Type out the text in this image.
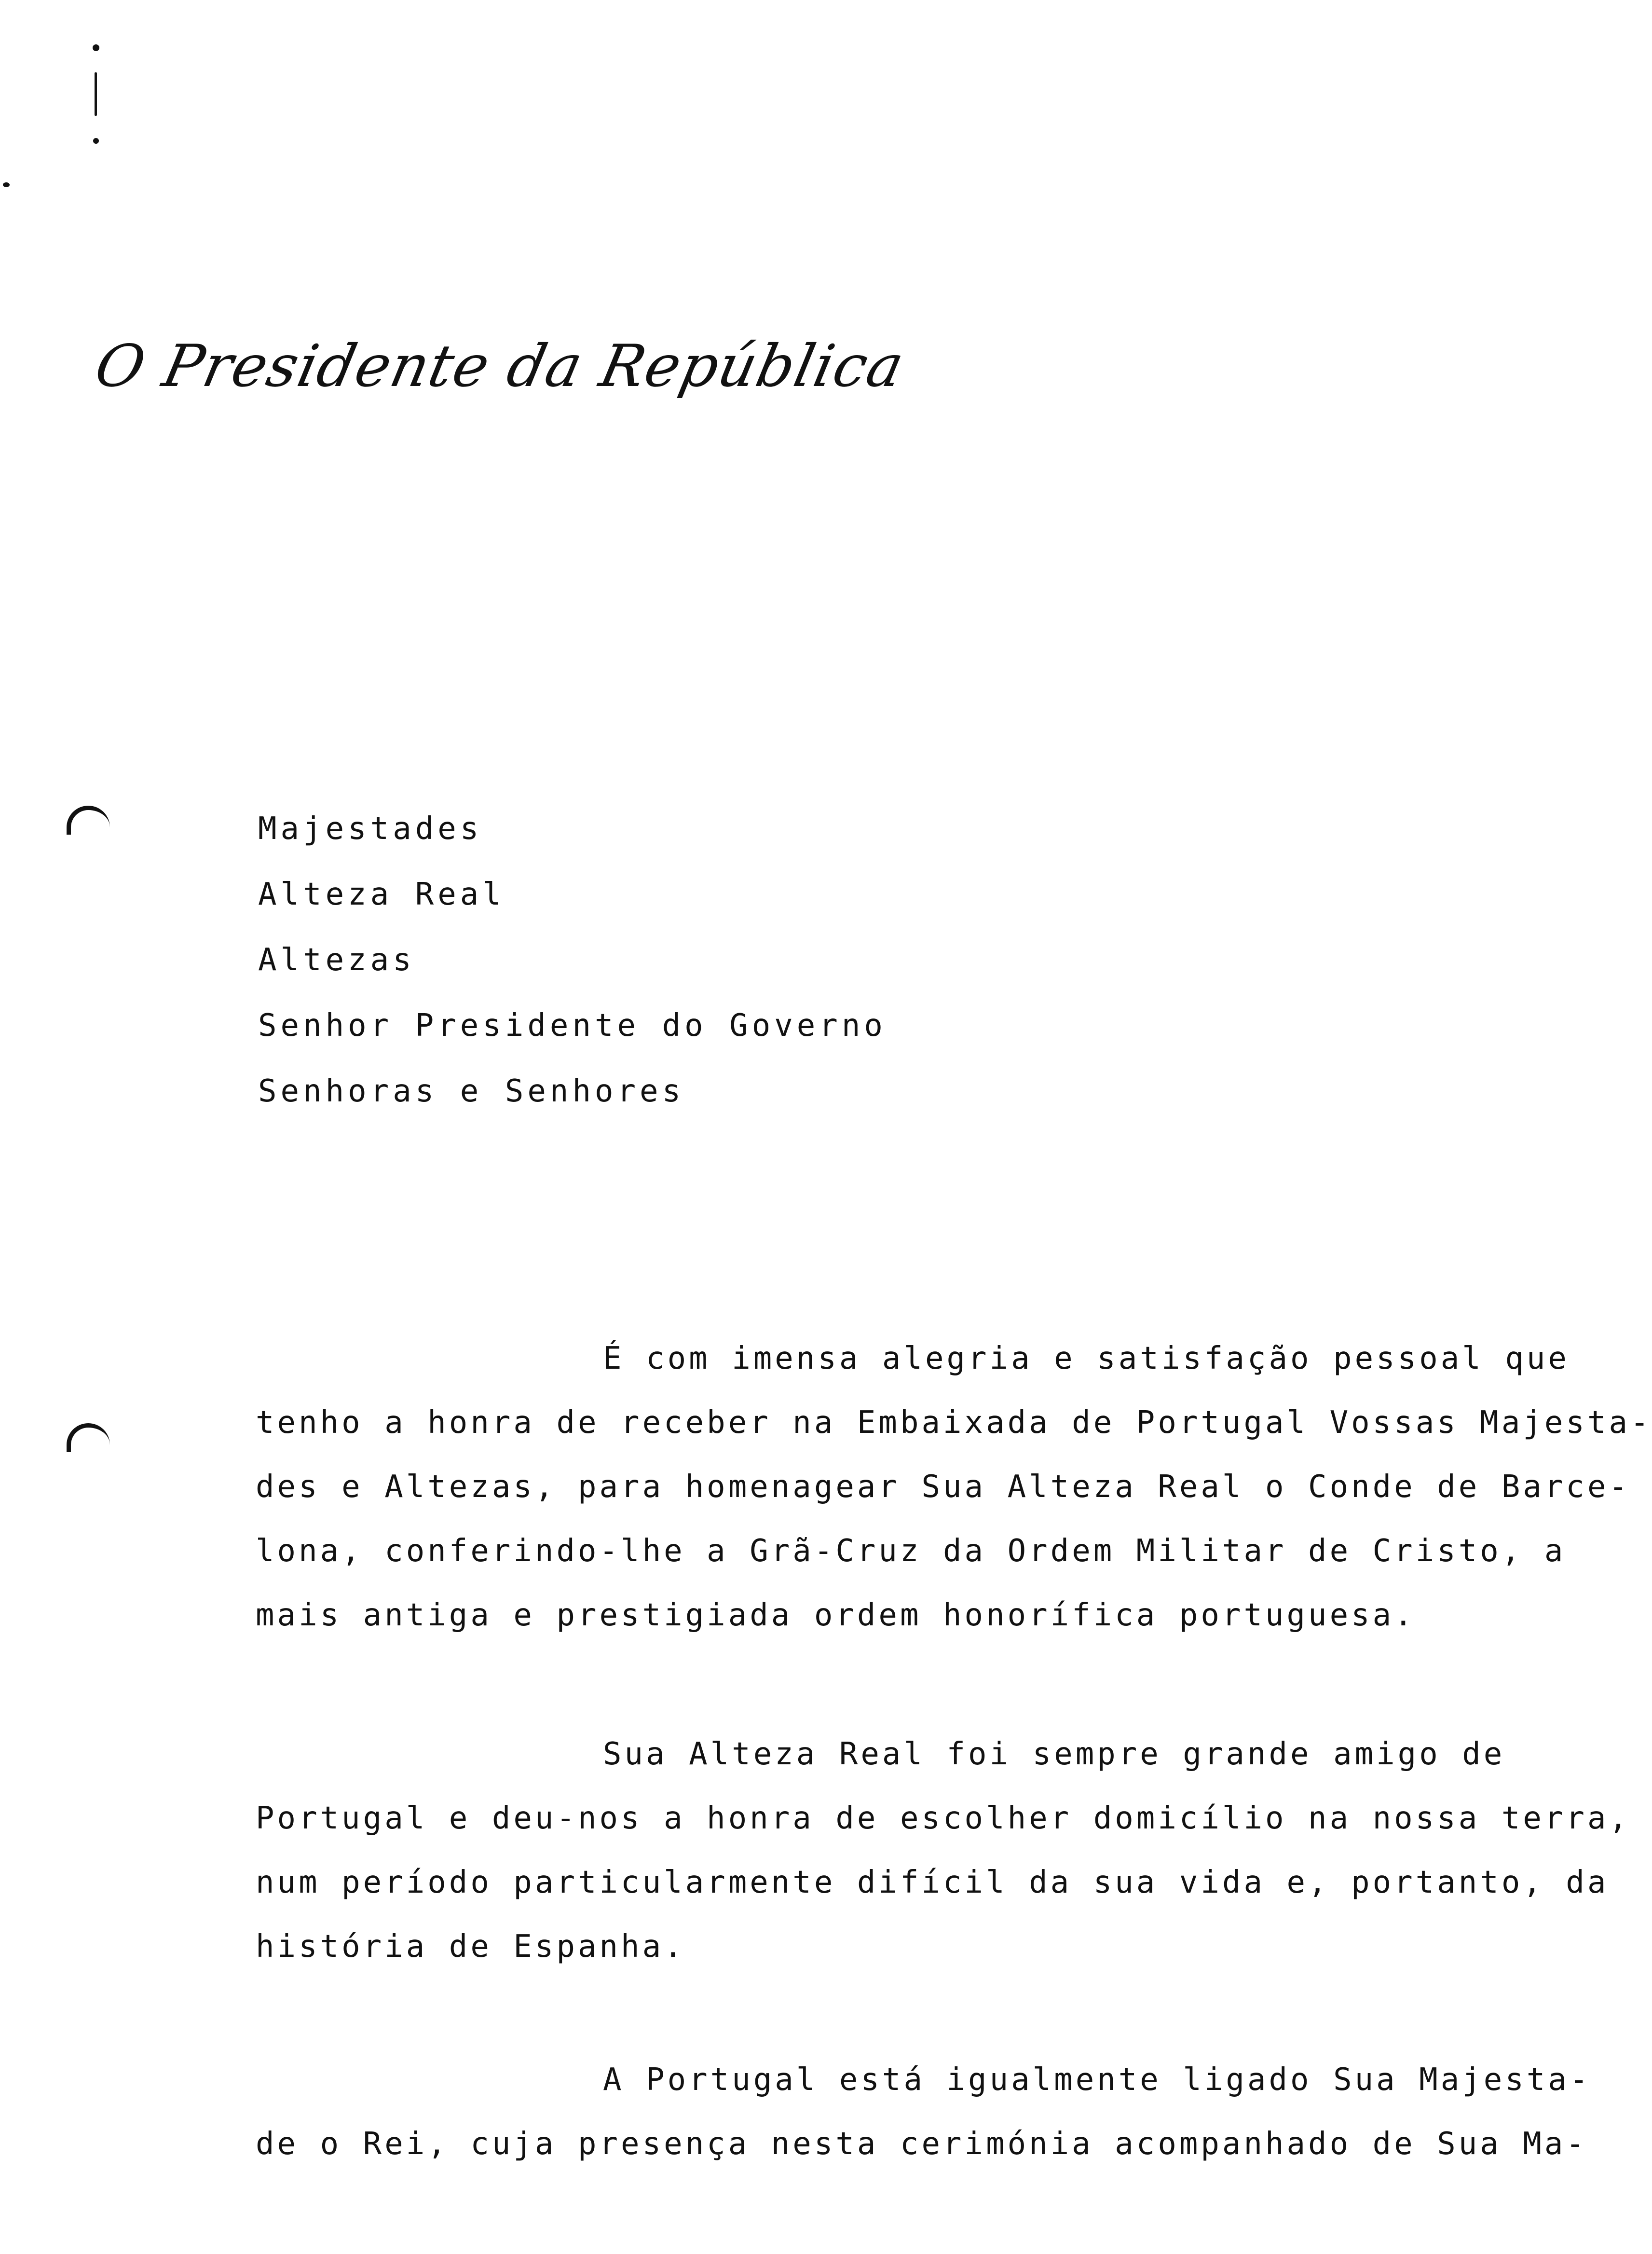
O Presidente da República
Majestades
Alteza Real
Altezas
Senhor Presidente do Governo
Senhoras e Senhores
É com imensa alegria e satisfação pessoal que
tenho a honra de receber na Embaixada de Portugal Vossas Majesta-
des e Altezas, para homenagear Sua Alteza Real o Conde de Barce-
lona, conferindo-lhe a Grã-Cruz da Ordem Militar de Cristo, a
mais antiga e prestigiada ordem honorífica portuguesa.
Sua Alteza Real foi sempre grande amigo de
Portugal e deu-nos a honra de escolher domicílio na nossa terra,
num período particularmente difícil da sua vida e, portanto, da
história de Espanha.
A Portugal está igualmente ligado Sua Majesta-
de o Rei, cuja presença nesta cerimónia acompanhado de Sua Ma-
